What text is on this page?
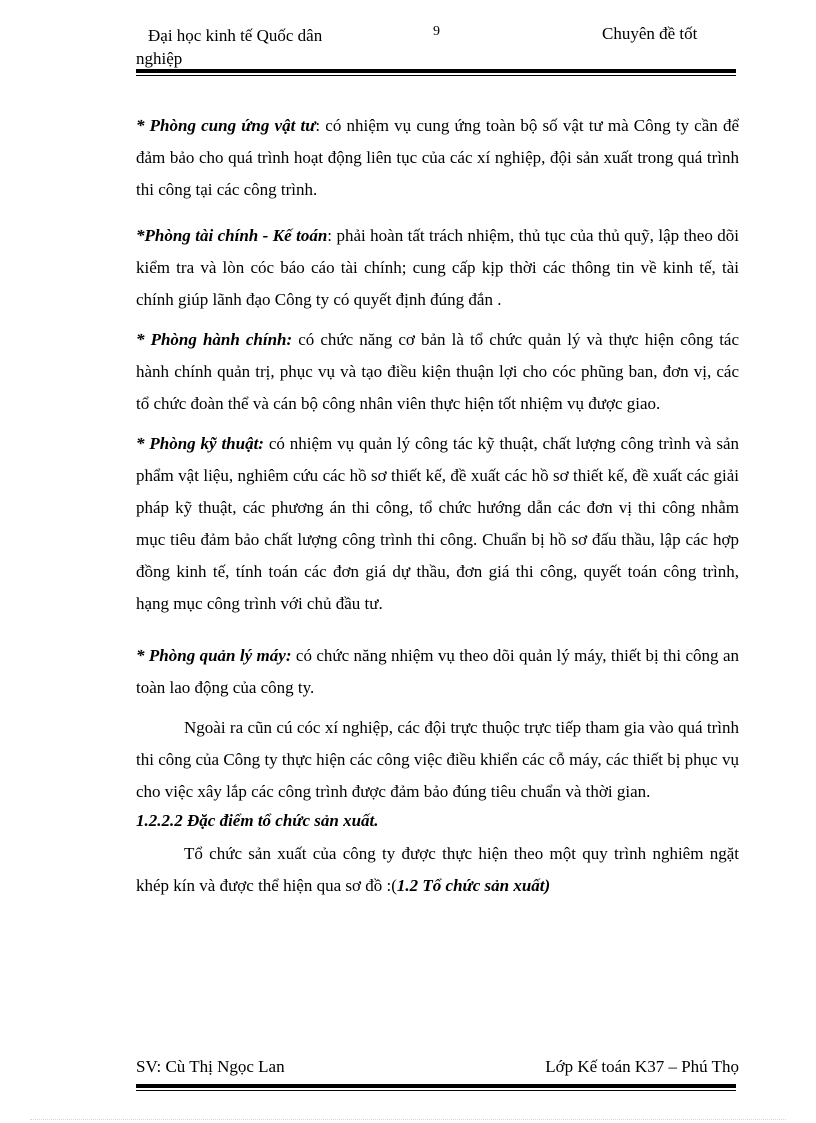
Đại học kinh tế Quốc dân
nghiệp
9	Chuyên đề tốt

* Phòng cung ứng vật tư: có nhiệm vụ cung ứng toàn bộ số vật tư mà Công ty cần để đảm bảo cho quá trình hoạt động liên tục của các xí nghiệp, đội sản xuất trong quá trình thi công tại các công trình.

*Phòng tài chính - Kế toán: phải hoàn tất trách nhiệm, thủ tục của thủ quỹ, lập theo dõi kiểm tra và lòn cóc báo cáo tài chính; cung cấp kịp thời các thông tin về kinh tế, tài chính giúp lãnh đạo Công ty có quyết định đúng đắn .

* Phòng hành chính: có chức năng cơ bản là tổ chức quản lý và thực hiện công tác hành chính quản trị, phục vụ và tạo điều kiện thuận lợi cho cóc phũng ban, đơn vị, các tổ chức đoàn thể và cán bộ công nhân viên thực hiện tốt nhiệm vụ được giao.

* Phòng kỹ thuật: có nhiệm vụ quản lý công tác kỹ thuật, chất lượng công trình và sản phẩm vật liệu, nghiêm cứu các hồ sơ thiết kế, đề xuất các hồ sơ thiết kế, đề xuất các giải pháp kỹ thuật, các phương án thi công, tổ chức hướng dẫn các đơn vị thi công nhằm mục tiêu đảm bảo chất lượng công trình thi công. Chuẩn bị hồ sơ đấu thầu, lập các hợp đồng kinh tế, tính toán các đơn giá dự thầu, đơn giá thi công, quyết toán công trình, hạng mục công trình với chủ đầu tư.

* Phòng quản lý máy: có chức năng nhiệm vụ theo dõi quản lý máy, thiết bị thi công an toàn lao động của công ty.

Ngoài ra cũn cú cóc xí nghiệp, các đội trực thuộc trực tiếp tham gia vào quá trình thi công của Công ty thực hiện các công việc điều khiển các cỗ máy, các thiết bị phục vụ cho việc xây lắp các công trình được đảm bảo đúng tiêu chuẩn và thời gian.

1.2.2.2 Đặc điểm tổ chức sản xuất.

Tổ chức sản xuất của công ty được thực hiện theo một quy trình nghiêm ngặt khép kín và được thể hiện qua sơ đồ :(1.2 Tổ chức sản xuất)

SV: Cù Thị Ngọc Lan	Lớp Kế toán K37 – Phú Thọ
